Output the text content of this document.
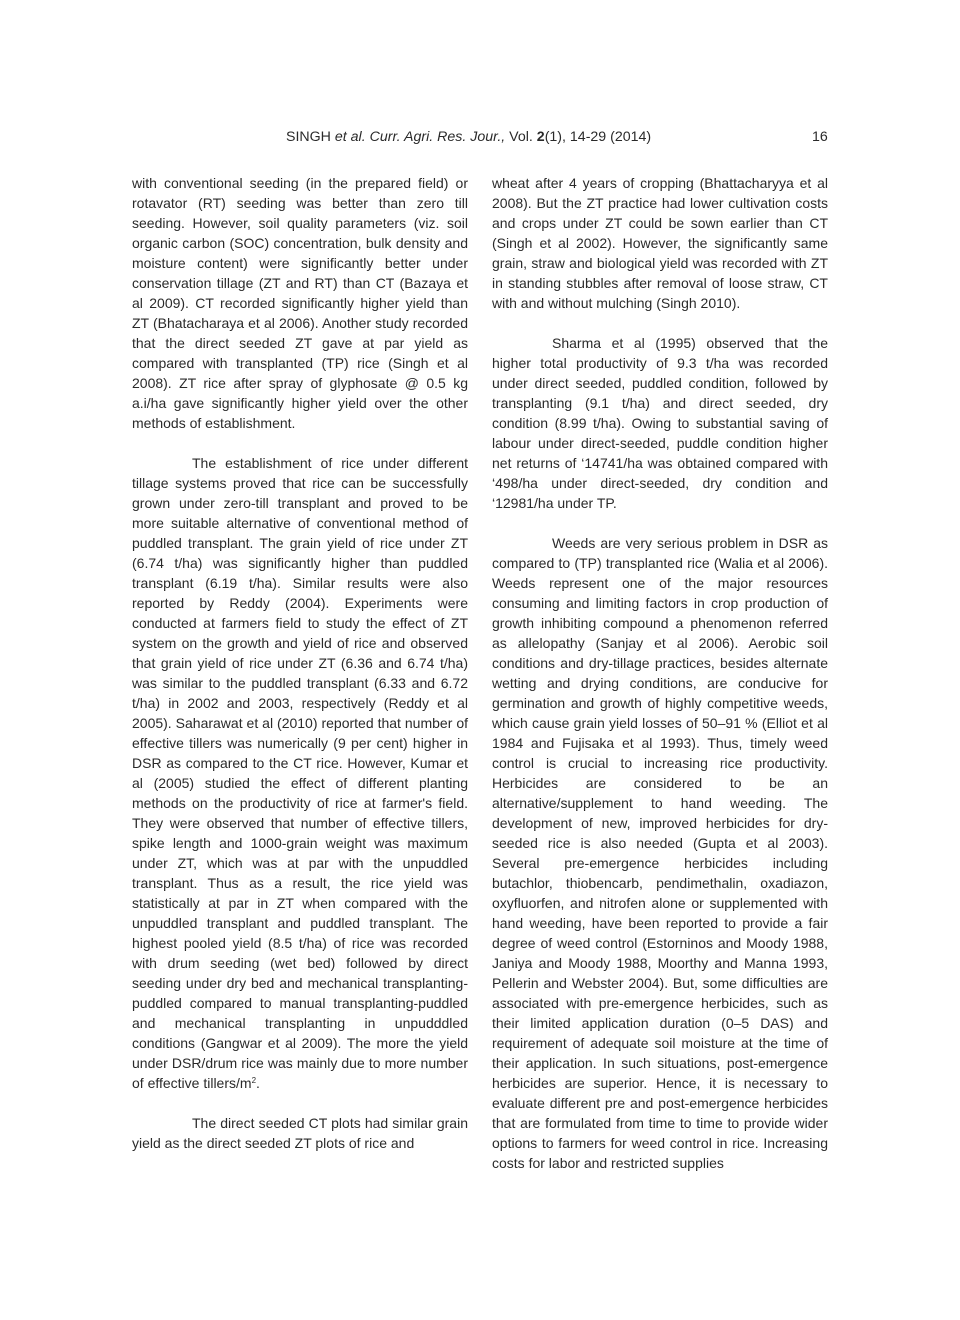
SINGH et al. Curr. Agri. Res. Jour., Vol. 2(1), 14-29 (2014)	16

with conventional seeding (in the prepared field) or rotavator (RT) seeding was better than zero till seeding. However, soil quality parameters (viz. soil organic carbon (SOC) concentration, bulk density and moisture content) were significantly better under conservation tillage (ZT and RT) than CT (Bazaya et al 2009). CT recorded significantly higher yield than ZT (Bhatacharaya et al 2006). Another study recorded that the direct seeded ZT gave at par yield as compared with transplanted (TP) rice (Singh et al 2008). ZT rice after spray of glyphosate @ 0.5 kg a.i/ha gave significantly higher yield over the other methods of establishment.

The establishment of rice under different tillage systems proved that rice can be successfully grown under zero-till transplant and proved to be more suitable alternative of conventional method of puddled transplant. The grain yield of rice under ZT (6.74 t/ha) was significantly higher than puddled transplant (6.19 t/ha). Similar results were also reported by Reddy (2004). Experiments were conducted at farmers field to study the effect of ZT system on the growth and yield of rice and observed that grain yield of rice under ZT (6.36 and 6.74 t/ha) was similar to the puddled transplant (6.33 and 6.72 t/ha) in 2002 and 2003, respectively (Reddy et al 2005). Saharawat et al (2010) reported that number of effective tillers was numerically (9 per cent) higher in DSR as compared to the CT rice. However, Kumar et al (2005) studied the effect of different planting methods on the productivity of rice at farmer's field. They were observed that number of effective tillers, spike length and 1000-grain weight was maximum under ZT, which was at par with the unpuddled transplant. Thus as a result, the rice yield was statistically at par in ZT when compared with the unpuddled transplant and puddled transplant. The highest pooled yield (8.5 t/ha) of rice was recorded with drum seeding (wet bed) followed by direct seeding under dry bed and mechanical transplanting-puddled compared to manual transplanting-puddled and mechanical transplanting in unpudddled conditions (Gangwar et al 2009). The more the yield under DSR/drum rice was mainly due to more number of effective tillers/$m^2$.

The direct seeded CT plots had similar grain yield as the direct seeded ZT plots of rice and

wheat after 4 years of cropping (Bhattacharyya et al 2008). But the ZT practice had lower cultivation costs and crops under ZT could be sown earlier than CT (Singh et al 2002). However, the significantly same grain, straw and biological yield was recorded with ZT in standing stubbles after removal of loose straw, CT with and without mulching (Singh 2010).

Sharma et al (1995) observed that the higher total productivity of 9.3 t/ha was recorded under direct seeded, puddled condition, followed by transplanting (9.1 t/ha) and direct seeded, dry condition (8.99 t/ha). Owing to substantial saving of labour under direct-seeded, puddle condition higher net returns of ‘14741/ha was obtained compared with ‘498/ha under direct-seeded, dry condition and ‘12981/ha under TP.

Weeds are very serious problem in DSR as compared to (TP) transplanted rice (Walia et al 2006). Weeds represent one of the major resources consuming and limiting factors in crop production of growth inhibiting compound a phenomenon referred as allelopathy (Sanjay et al 2006). Aerobic soil conditions and dry-tillage practices, besides alternate wetting and drying conditions, are conducive for germination and growth of highly competitive weeds, which cause grain yield losses of 50–91 % (Elliot et al 1984 and Fujisaka et al 1993). Thus, timely weed control is crucial to increasing rice productivity. Herbicides are considered to be an alternative/supplement to hand weeding. The development of new, improved herbicides for dry-seeded rice is also needed (Gupta et al 2003). Several pre-emergence herbicides including butachlor, thiobencarb, pendimethalin, oxadiazon, oxyfluorfen, and nitrofen alone or supplemented with hand weeding, have been reported to provide a fair degree of weed control (Estorninos and Moody 1988, Janiya and Moody 1988, Moorthy and Manna 1993, Pellerin and Webster 2004). But, some difficulties are associated with pre-emergence herbicides, such as their limited application duration (0–5 DAS) and requirement of adequate soil moisture at the time of their application. In such situations, post-emergence herbicides are superior. Hence, it is necessary to evaluate different pre and post-emergence herbicides that are formulated from time to time to provide wider options to farmers for weed control in rice. Increasing costs for labor and restricted supplies
